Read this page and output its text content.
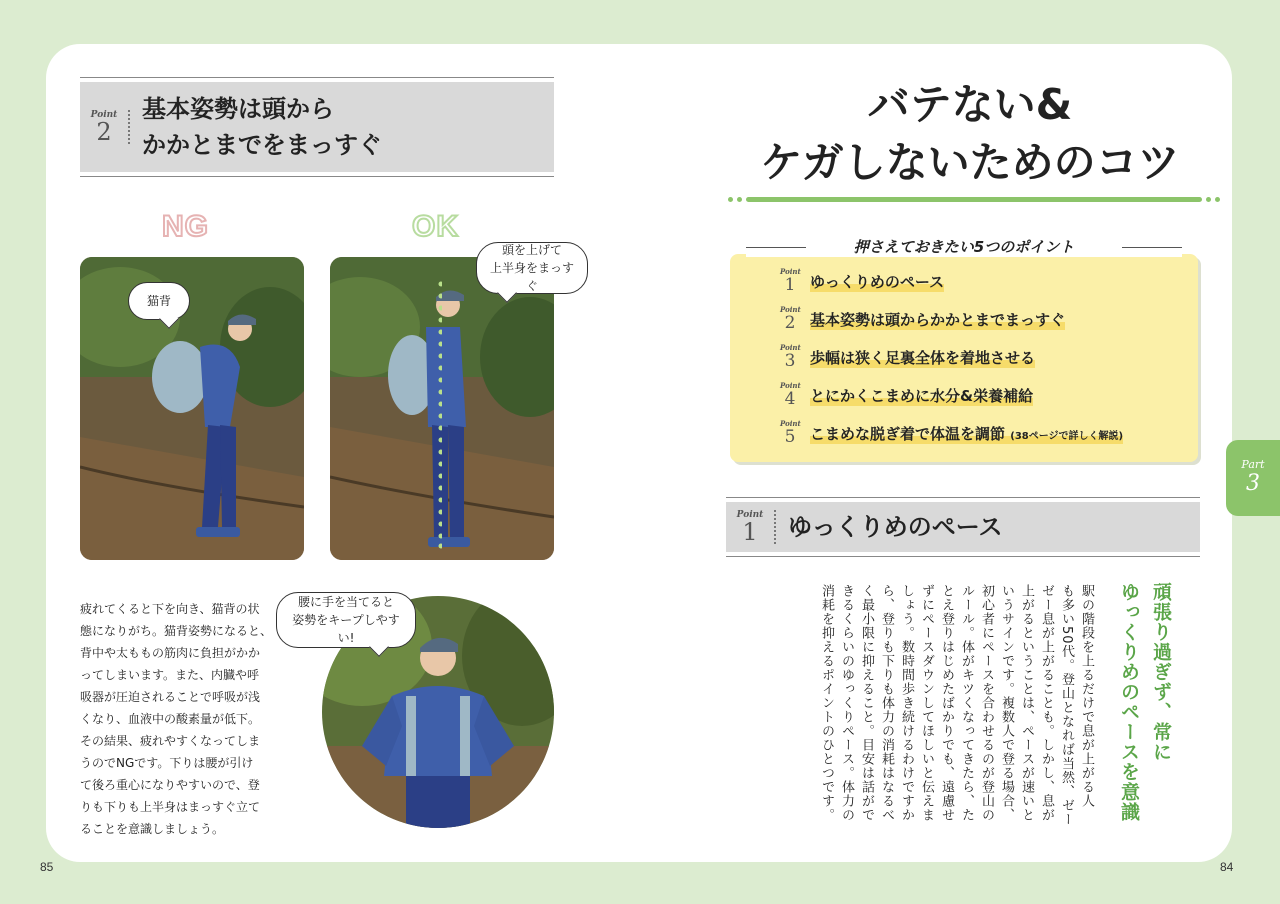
Point
2
基本姿勢は頭から
かかとまでをまっすぐ
NG	OK
猫背
頭を上げて
上半身をまっすぐ
疲れてくると下を向き、猫背の状
態になりがち。猫背姿勢になると、
背中や太ももの筋肉に負担がかか
ってしまいます。また、内臓や呼
吸器が圧迫されることで呼吸が浅
くなり、血液中の酸素量が低下。
その結果、疲れやすくなってしま
うのでNGです。下りは腰が引け
て後ろ重心になりやすいので、登
りも下りも上半身はまっすぐ立て
ることを意識しましょう。
腰に手を当てると
姿勢をキープしやすい!
85
バテない&
ケガしないためのコツ
押さえておきたい5つのポイント
Point
1 ゆっくりめのペース
Point
2 基本姿勢は頭からかかとまでまっすぐ
Point
3 歩幅は狭く足裏全体を着地させる
Point
4 とにかくこまめに水分&栄養補給
Point
5 こまめな脱ぎ着で体温を調節 (38ページで詳しく解説)
Part
3
Point
1	ゆっくりめのペース
頑張り過ぎず、常に
ゆっくりめのペースを意識
駅の階段を上るだけで息が上がる人
も多い50代。登山となれば当然、ゼー
ゼー息が上がることも。しかし、息が
上がるということは、ペースが速いと
いうサインです。複数人で登る場合、
初心者にペースを合わせるのが登山の
ルール。体がキツくなってきたら、た
とえ登りはじめたばかりでも、遠慮せ
ずにペースダウンしてほしいと伝えま
しょう。数時間歩き続けるわけですか
ら、登りも下りも体力の消耗はなるべ
く最小限に抑えること。目安は話がで
きるくらいのゆっくりペース。体力の
消耗を抑えるポイントのひとつです。
84
